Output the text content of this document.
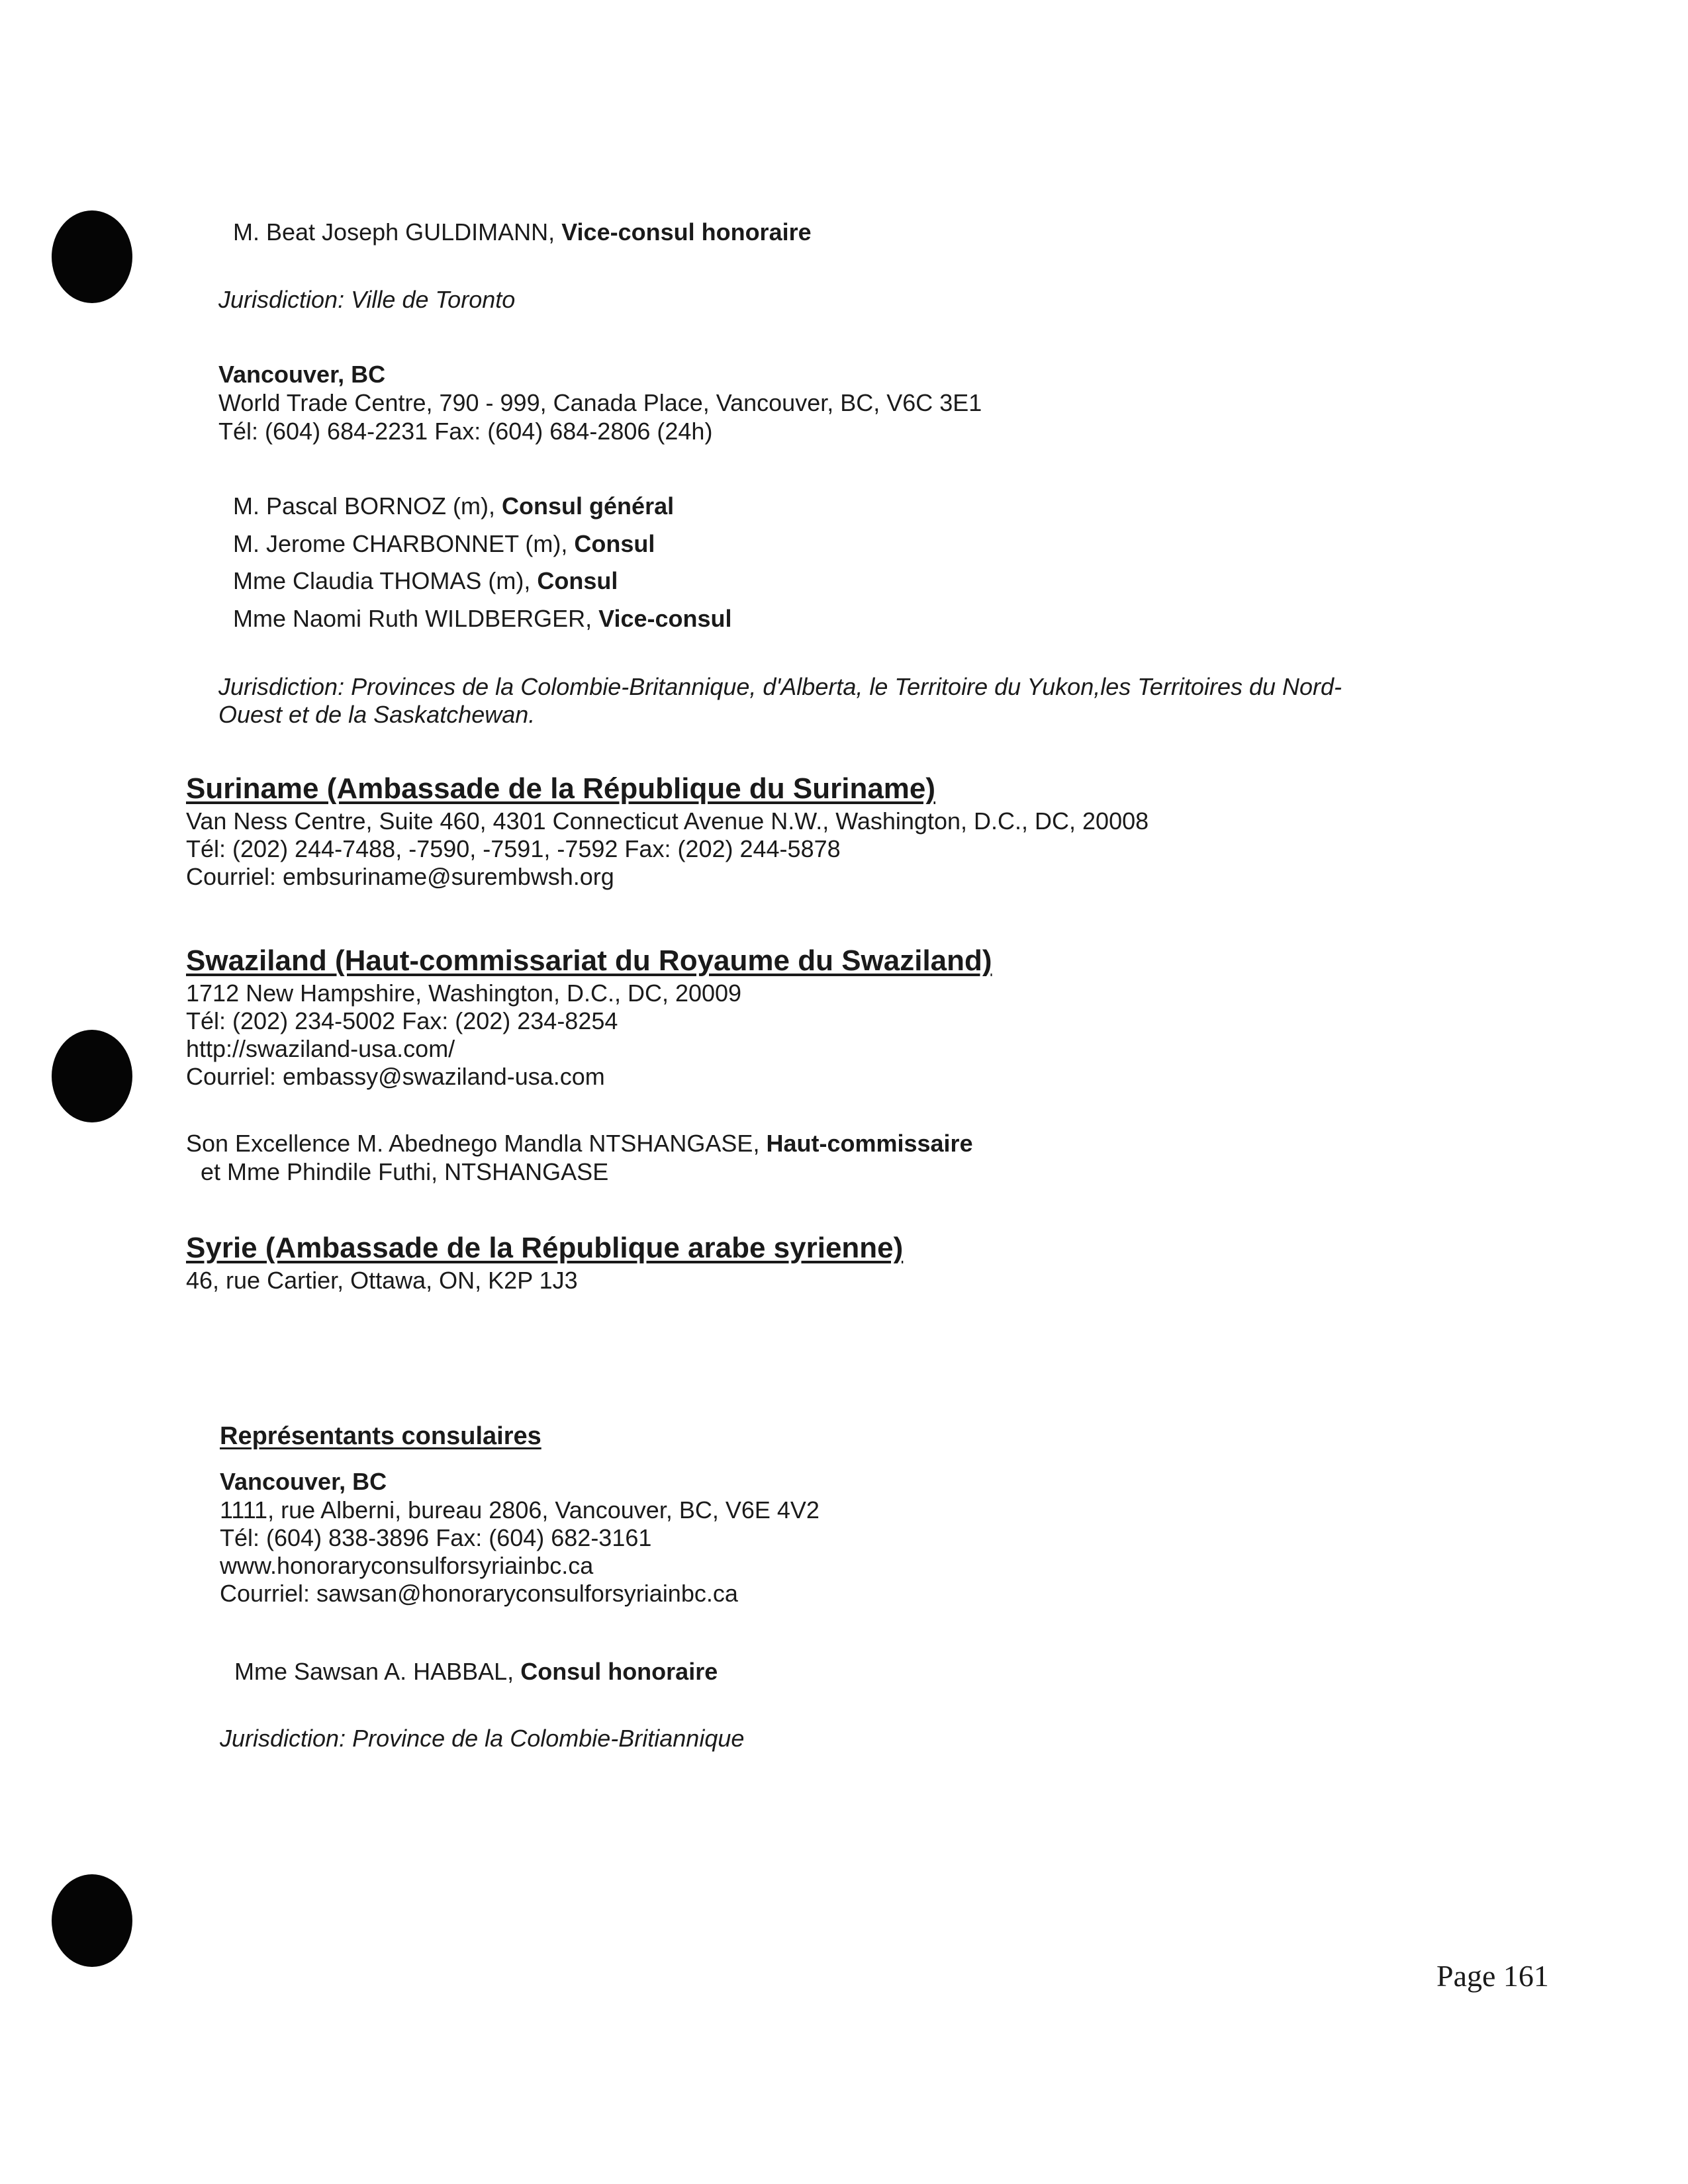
M. Beat Joseph GULDIMANN, Vice-consul honoraire
Jurisdiction: Ville de Toronto
Vancouver, BC
World Trade Centre, 790 - 999, Canada Place, Vancouver, BC, V6C 3E1
Tél: (604) 684-2231 Fax: (604) 684-2806 (24h)
M. Pascal BORNOZ (m), Consul général
M. Jerome CHARBONNET (m), Consul
Mme Claudia THOMAS (m), Consul
Mme Naomi Ruth WILDBERGER, Vice-consul
Jurisdiction: Provinces de la Colombie-Britannique, d'Alberta, le Territoire du Yukon,les Territoires du Nord-
Ouest et de la Saskatchewan.
Suriname (Ambassade de la République du Suriname)
Van Ness Centre, Suite 460, 4301 Connecticut Avenue N.W., Washington, D.C., DC, 20008
Tél: (202) 244-7488, -7590, -7591, -7592 Fax: (202) 244-5878
Courriel: embsuriname@surembwsh.org
Swaziland (Haut-commissariat du Royaume du Swaziland)
1712 New Hampshire, Washington, D.C., DC, 20009
Tél: (202) 234-5002 Fax: (202) 234-8254
http://swaziland-usa.com/
Courriel: embassy@swaziland-usa.com
Son Excellence M. Abednego Mandla NTSHANGASE, Haut-commissaire
et Mme Phindile Futhi, NTSHANGASE
Syrie (Ambassade de la République arabe syrienne)
46, rue Cartier, Ottawa, ON, K2P 1J3
Représentants consulaires
Vancouver, BC
1111, rue Alberni, bureau 2806, Vancouver, BC, V6E 4V2
Tél: (604) 838-3896 Fax: (604) 682-3161
www.honoraryconsulforsyriainbc.ca
Courriel: sawsan@honoraryconsulforsyriainbc.ca
Mme Sawsan A. HABBAL, Consul honoraire
Jurisdiction: Province de la Colombie-Britiannique
Page 161
